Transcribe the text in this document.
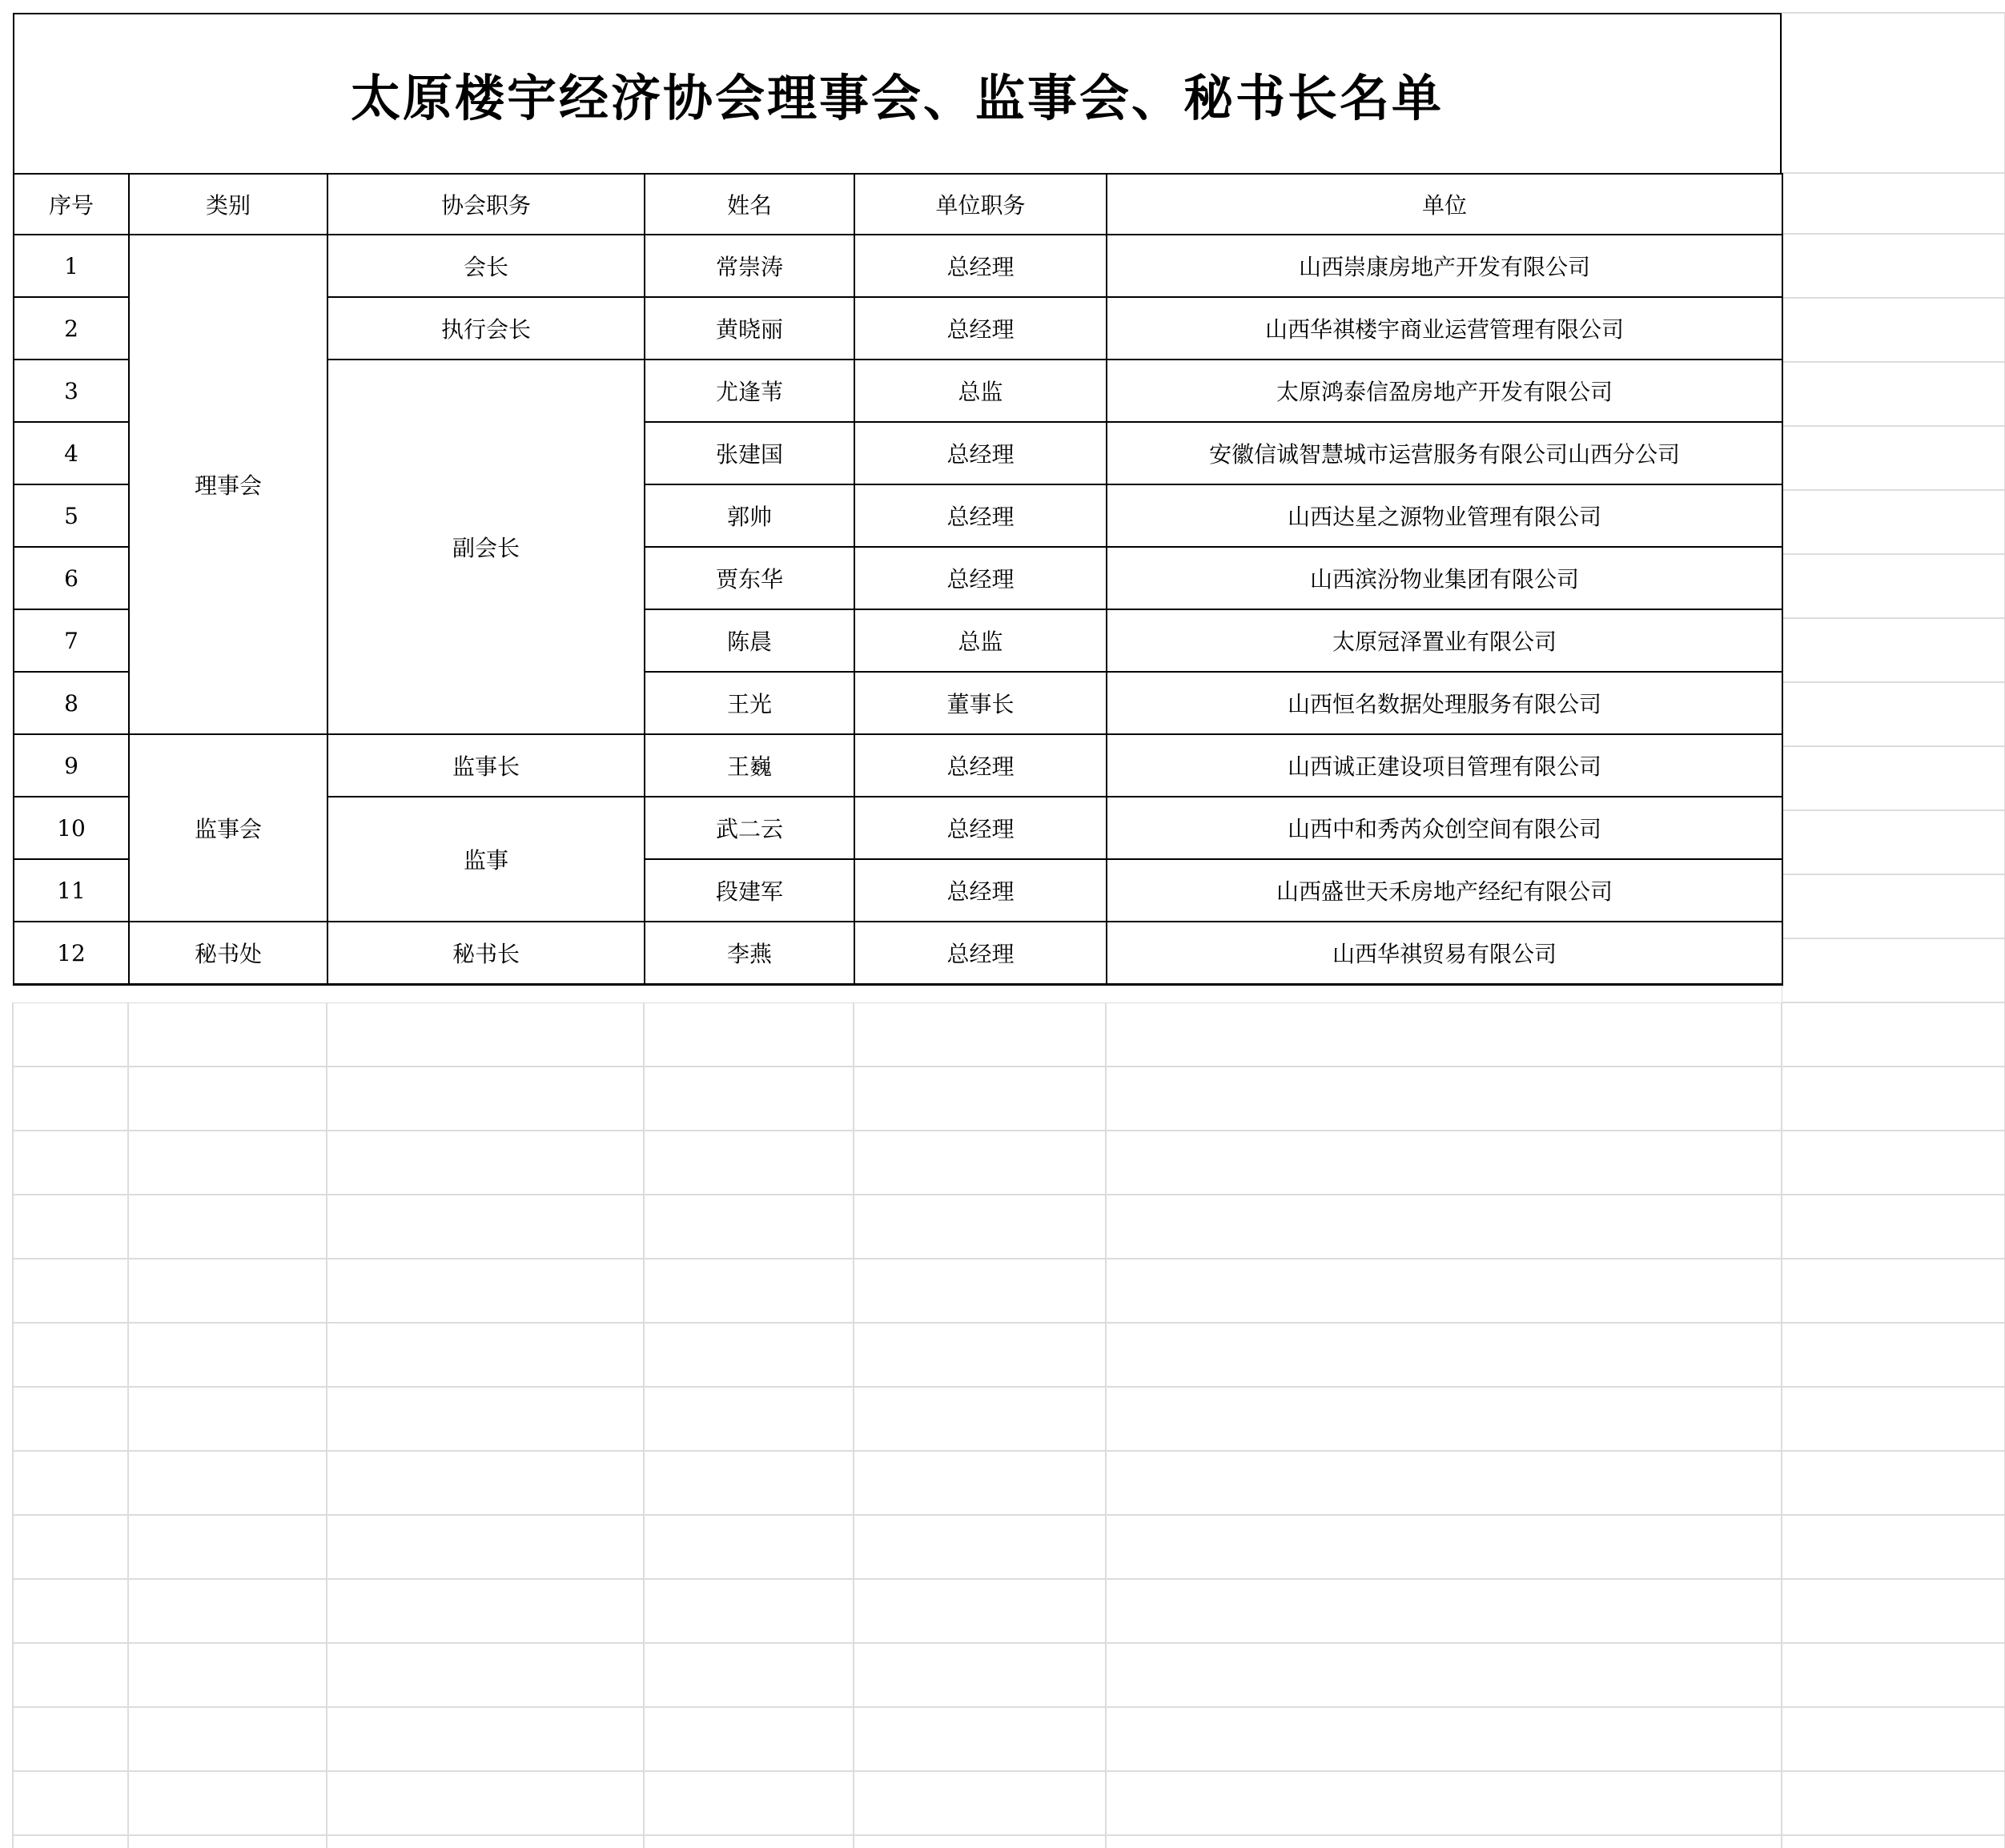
太原楼宇经济协会理事会、监事会、秘书长名单
序号	类别	协会职务	姓名	单位职务	单位
1	理事会	会长	常崇涛	总经理	山西崇康房地产开发有限公司
2		执行会长	黄晓丽	总经理	山西华祺楼宇商业运营管理有限公司
3		副会长	尤逢苇	总监	太原鸿泰信盈房地产开发有限公司
4			张建国	总经理	安徽信诚智慧城市运营服务有限公司山西分公司
5			郭帅	总经理	山西达星之源物业管理有限公司
6			贾东华	总经理	山西滨汾物业集团有限公司
7			陈晨	总监	太原冠泽置业有限公司
8			王光	董事长	山西恒名数据处理服务有限公司
9	监事会	监事长	王巍	总经理	山西诚正建设项目管理有限公司
10		监事	武二云	总经理	山西中和秀芮众创空间有限公司
11			段建军	总经理	山西盛世天禾房地产经纪有限公司
12	秘书处	秘书长	李燕	总经理	山西华祺贸易有限公司
